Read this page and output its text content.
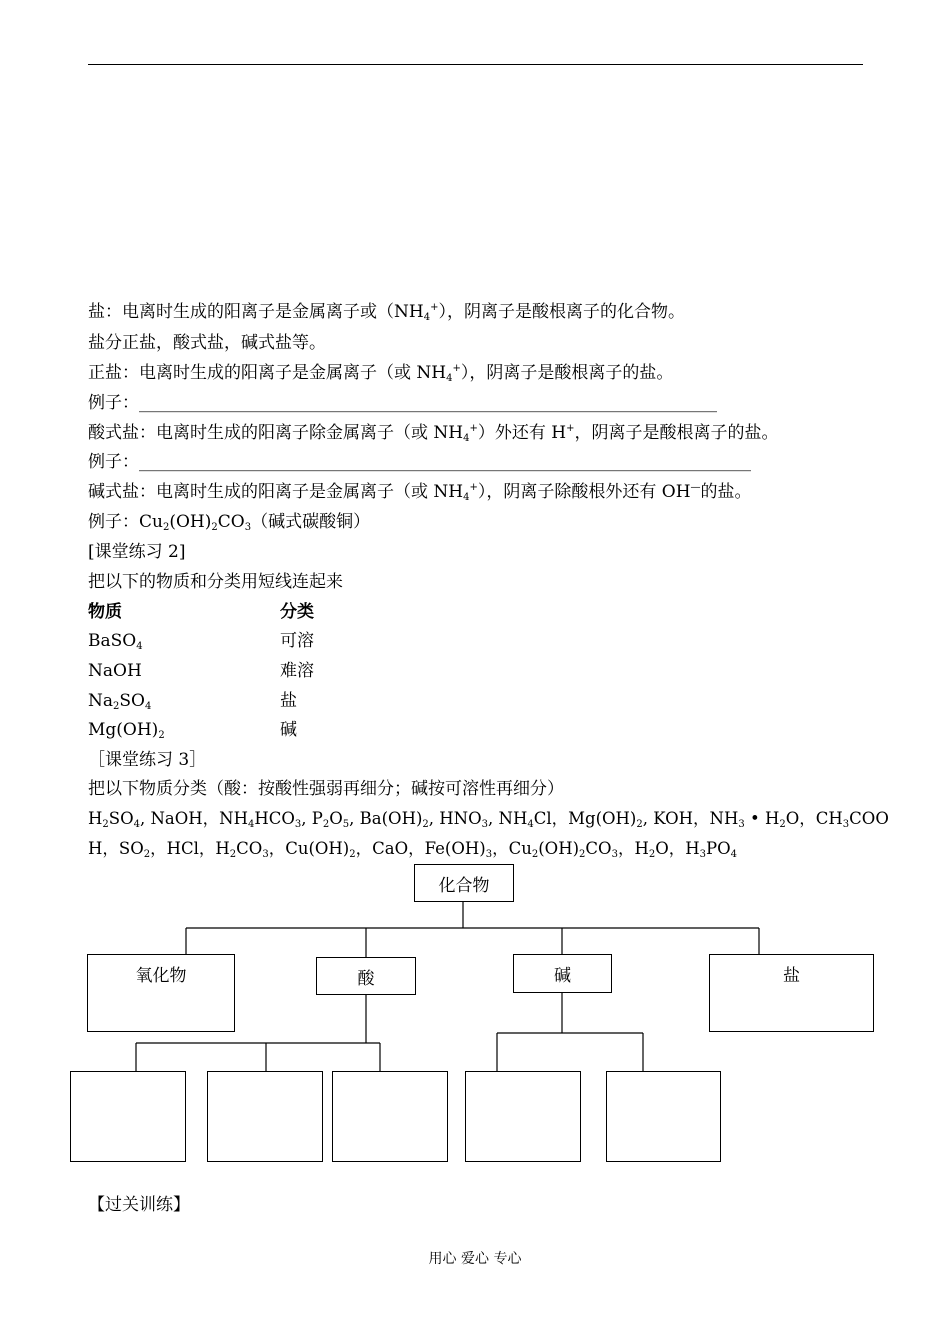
盐：电离时生成的阳离子是金属离子或$(NH_4^+)$，阴离子是酸根离子的化合物。
盐分正盐，酸式盐，碱式盐等。
正盐：电离时生成的阳离子是金属离子（或 $NH_4^+$），阴离子是酸根离子的盐。
例子：____________________________________________________________________
酸式盐：电离时生成的阳离子除金属离子（或 $NH_4^+$）外还有 H+，阴离子是酸根离子的盐。
例子：________________________________________________________________________
碱式盐：电离时生成的阳离子是金属离子（或 $NH_4^+$），阴离子除酸根外还有 OH—的盐。
例子：$Cu_2(OH)_2CO_3$（碱式碳酸铜）
[课堂练习 2]
把以下的物质和分类用短线连起来
物质	分类
BaSO$_4$	可溶
NaOH	难溶
$Na_2SO_4$	盐
$Mg(OH)_2$	碱
［课堂练习 3］
把以下物质分类（酸：按酸性强弱再细分；碱按可溶性再细分）
$H_2SO_4$, NaOH，$NH_4HCO_3$, $P_2O_5$, $Ba(OH)_2$, $HNO_3$, $NH_4Cl$，$Mg(OH)_2$, KOH，$NH_3$ • $H_2O$，$CH_3COO$
H，$SO_2$，HCl，$H_2CO_3$，$Cu(OH)_2$，CaO，$Fe(OH)_3$，$Cu_2(OH)_2CO_3$，$H_2O$，$H_3PO_4$
化合物
氧化物	酸	碱	盐
【过关训练】
用心 爱心 专心
